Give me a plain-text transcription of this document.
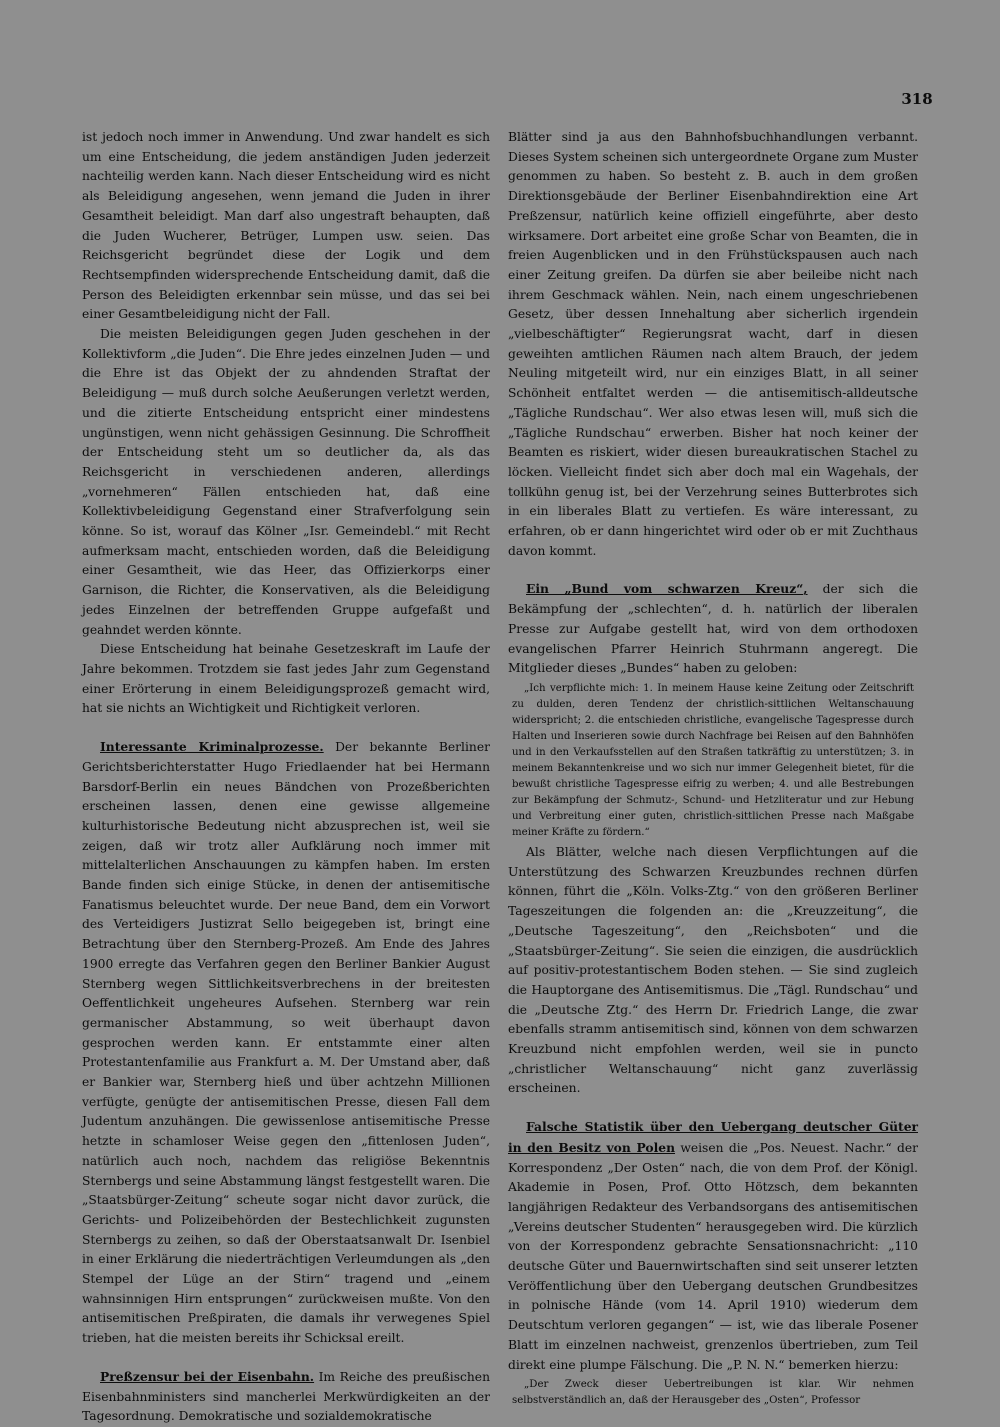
318

ist jedoch noch immer in Anwendung. Und zwar handelt es sich um eine Entscheidung, die jedem anständigen Juden jederzeit nachteilig werden kann. Nach dieser Entscheidung wird es nicht als Beleidigung angesehen, wenn jemand die Juden in ihrer Gesamtheit beleidigt. Man darf also ungestraft behaupten, daß die Juden Wucherer, Betrüger, Lumpen usw. seien. Das Reichsgericht begründet diese der Logik und dem Rechtsempfinden widersprechende Entscheidung damit, daß die Person des Beleidigten erkennbar sein müsse, und das sei bei einer Gesamtbeleidigung nicht der Fall.

Die meisten Beleidigungen gegen Juden geschehen in der Kollektivform „die Juden“. Die Ehre jedes einzelnen Juden — und die Ehre ist das Objekt der zu ahndenden Straftat der Beleidigung — muß durch solche Aeußerungen verletzt werden, und die zitierte Entscheidung entspricht einer mindestens ungünstigen, wenn nicht gehässigen Gesinnung. Die Schroffheit der Entscheidung steht um so deutlicher da, als das Reichsgericht in verschiedenen anderen, allerdings „vornehmeren“ Fällen entschieden hat, daß eine Kollektivbeleidigung Gegenstand einer Strafverfolgung sein könne. So ist, worauf das Kölner „Isr. Gemeindebl.“ mit Recht aufmerksam macht, entschieden worden, daß die Beleidigung einer Gesamtheit, wie das Heer, das Offizierkorps einer Garnison, die Richter, die Konservativen, als die Beleidigung jedes Einzelnen der betreffenden Gruppe aufgefaßt und geahndet werden könnte.

Diese Entscheidung hat beinahe Gesetzeskraft im Laufe der Jahre bekommen. Trotzdem sie fast jedes Jahr zum Gegenstand einer Erörterung in einem Beleidigungsprozeß gemacht wird, hat sie nichts an Wichtigkeit und Richtigkeit verloren.

Interessante Kriminalprozesse. Der bekannte Berliner Gerichtsberichterstatter Hugo Friedlaender hat bei Hermann Barsdorf-Berlin ein neues Bändchen von Prozeßberichten erscheinen lassen, denen eine gewisse allgemeine kulturhistorische Bedeutung nicht abzusprechen ist, weil sie zeigen, daß wir trotz aller Aufklärung noch immer mit mittelalterlichen Anschauungen zu kämpfen haben. Im ersten Bande finden sich einige Stücke, in denen der antisemitische Fanatismus beleuchtet wurde. Der neue Band, dem ein Vorwort des Verteidigers Justizrat Sello beigegeben ist, bringt eine Betrachtung über den Sternberg-Prozeß. Am Ende des Jahres 1900 erregte das Verfahren gegen den Berliner Bankier August Sternberg wegen Sittlichkeitsverbrechens in der breitesten Oeffentlichkeit ungeheures Aufsehen. Sternberg war rein germanischer Abstammung, so weit überhaupt davon gesprochen werden kann. Er entstammte einer alten Protestantenfamilie aus Frankfurt a. M. Der Umstand aber, daß er Bankier war, Sternberg hieß und über achtzehn Millionen verfügte, genügte der antisemitischen Presse, diesen Fall dem Judentum anzuhängen. Die gewissenlose antisemitische Presse hetzte in schamloser Weise gegen den „fittenlosen Juden“, natürlich auch noch, nachdem das religiöse Bekenntnis Sternbergs und seine Abstammung längst festgestellt waren. Die „Staatsbürger-Zeitung“ scheute sogar nicht davor zurück, die Gerichts- und Polizeibehörden der Bestechlichkeit zugunsten Sternbergs zu zeihen, so daß der Oberstaatsanwalt Dr. Isenbiel in einer Erklärung die niederträchtigen Verleumdungen als „den Stempel der Lüge an der Stirn“ tragend und „einem wahnsinnigen Hirn entsprungen“ zurückweisen mußte. Von den antisemitischen Preßpiraten, die damals ihr verwegenes Spiel trieben, hat die meisten bereits ihr Schicksal ereilt.

Preßzensur bei der Eisenbahn. Im Reiche des preußischen Eisenbahnministers sind mancherlei Merkwürdigkeiten an der Tagesordnung. Demokratische und sozialdemokratische

Blätter sind ja aus den Bahnhofsbuchhandlungen verbannt. Dieses System scheinen sich untergeordnete Organe zum Muster genommen zu haben. So besteht z. B. auch in dem großen Direktionsgebäude der Berliner Eisenbahndirektion eine Art Preßzensur, natürlich keine offiziell eingeführte, aber desto wirksamere. Dort arbeitet eine große Schar von Beamten, die in freien Augenblicken und in den Frühstückspausen auch nach einer Zeitung greifen. Da dürfen sie aber beileibe nicht nach ihrem Geschmack wählen. Nein, nach einem ungeschriebenen Gesetz, über dessen Innehaltung aber sicherlich irgendein „vielbeschäftigter“ Regierungsrat wacht, darf in diesen geweihten amtlichen Räumen nach altem Brauch, der jedem Neuling mitgeteilt wird, nur ein einziges Blatt, in all seiner Schönheit entfaltet werden — die antisemitisch-alldeutsche „Tägliche Rundschau“. Wer also etwas lesen will, muß sich die „Tägliche Rundschau“ erwerben. Bisher hat noch keiner der Beamten es riskiert, wider diesen bureaukratischen Stachel zu löcken. Vielleicht findet sich aber doch mal ein Wagehals, der tollkühn genug ist, bei der Verzehrung seines Butterbrotes sich in ein liberales Blatt zu vertiefen. Es wäre interessant, zu erfahren, ob er dann hingerichtet wird oder ob er mit Zuchthaus davon kommt.

Ein „Bund vom schwarzen Kreuz“, der sich die Bekämpfung der „schlechten“, d. h. natürlich der liberalen Presse zur Aufgabe gestellt hat, wird von dem orthodoxen evangelischen Pfarrer Heinrich Stuhrmann angeregt. Die Mitglieder dieses „Bundes“ haben zu geloben:

„Ich verpflichte mich: 1. In meinem Hause keine Zeitung oder Zeitschrift zu dulden, deren Tendenz der christlich-sittlichen Weltanschauung widerspricht; 2. die entschieden christliche, evangelische Tagespresse durch Halten und Inserieren sowie durch Nachfrage bei Reisen auf den Bahnhöfen und in den Verkaufsstellen auf den Straßen tatkräftig zu unterstützen; 3. in meinem Bekanntenkreise und wo sich nur immer Gelegenheit bietet, für die bewußt christliche Tagespresse eifrig zu werben; 4. und alle Bestrebungen zur Bekämpfung der Schmutz-, Schund- und Hetzliteratur und zur Hebung und Verbreitung einer guten, christlich-sittlichen Presse nach Maßgabe meiner Kräfte zu fördern.“

Als Blätter, welche nach diesen Verpflichtungen auf die Unterstützung des Schwarzen Kreuzbundes rechnen dürfen können, führt die „Köln. Volks-Ztg.“ von den größeren Berliner Tageszeitungen die folgenden an: die „Kreuzzeitung“, die „Deutsche Tageszeitung“, den „Reichsboten“ und die „Staatsbürger-Zeitung“. Sie seien die einzigen, die ausdrücklich auf positiv-protestantischem Boden stehen. — Sie sind zugleich die Hauptorgane des Antisemitismus. Die „Tägl. Rundschau“ und die „Deutsche Ztg.“ des Herrn Dr. Friedrich Lange, die zwar ebenfalls stramm antisemitisch sind, können von dem schwarzen Kreuzbund nicht empfohlen werden, weil sie in puncto „christlicher Weltanschauung“ nicht ganz zuverlässig erscheinen.

Falsche Statistik über den Uebergang deutscher Güter in den Besitz von Polen weisen die „Pos. Neuest. Nachr.“ der Korrespondenz „Der Osten“ nach, die von dem Prof. der Königl. Akademie in Posen, Prof. Otto Hötzsch, dem bekannten langjährigen Redakteur des Verbandsorgans des antisemitischen „Vereins deutscher Studenten“ herausgegeben wird. Die kürzlich von der Korrespondenz gebrachte Sensationsnachricht: „110 deutsche Güter und Bauernwirtschaften sind seit unserer letzten Veröffentlichung über den Uebergang deutschen Grundbesitzes in polnische Hände (vom 14. April 1910) wiederum dem Deutschtum verloren gegangen“ — ist, wie das liberale Posener Blatt im einzelnen nachweist, grenzenlos übertrieben, zum Teil direkt eine plumpe Fälschung. Die „P. N. N.“ bemerken hierzu:

„Der Zweck dieser Uebertreibungen ist klar. Wir nehmen selbstverständlich an, daß der Herausgeber des „Osten“, Professor
